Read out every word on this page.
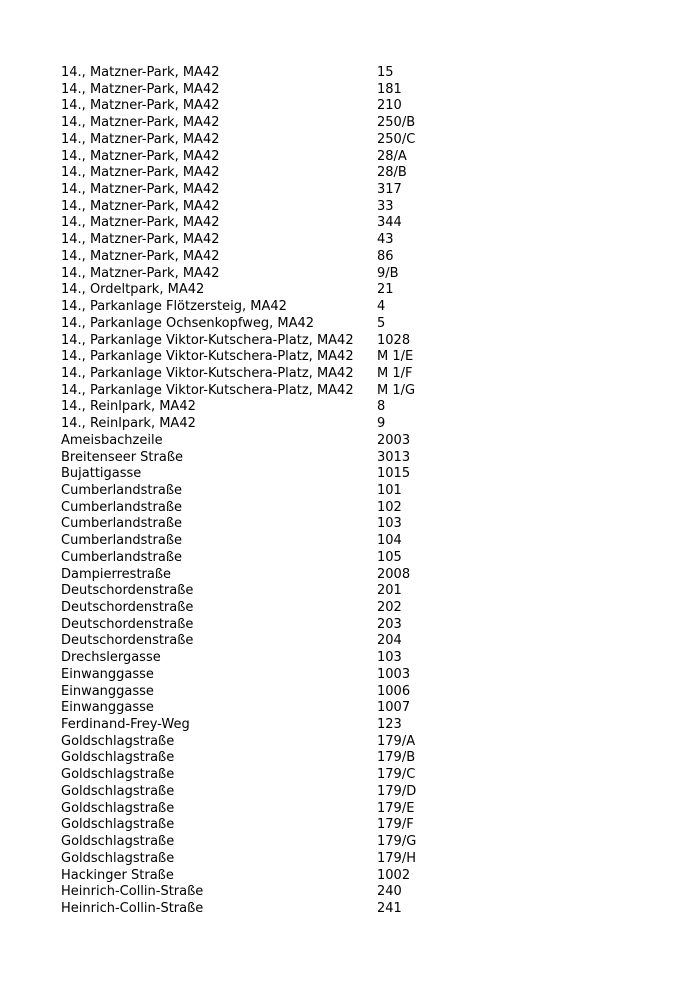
14., Matzner-Park, MA42	15
14., Matzner-Park, MA42	181
14., Matzner-Park, MA42	210
14., Matzner-Park, MA42	250/B
14., Matzner-Park, MA42	250/C
14., Matzner-Park, MA42	28/A
14., Matzner-Park, MA42	28/B
14., Matzner-Park, MA42	317
14., Matzner-Park, MA42	33
14., Matzner-Park, MA42	344
14., Matzner-Park, MA42	43
14., Matzner-Park, MA42	86
14., Matzner-Park, MA42	9/B
14., Ordeltpark, MA42	21
14., Parkanlage Flötzersteig, MA42	4
14., Parkanlage Ochsenkopfweg, MA42	5
14., Parkanlage Viktor-Kutschera-Platz, MA42	1028
14., Parkanlage Viktor-Kutschera-Platz, MA42	M 1/E
14., Parkanlage Viktor-Kutschera-Platz, MA42	M 1/F
14., Parkanlage Viktor-Kutschera-Platz, MA42	M 1/G
14., Reinlpark, MA42	8
14., Reinlpark, MA42	9
Ameisbachzeile	2003
Breitenseer Straße	3013
Bujattigasse	1015
Cumberlandstraße	101
Cumberlandstraße	102
Cumberlandstraße	103
Cumberlandstraße	104
Cumberlandstraße	105
Dampierrestraße	2008
Deutschordenstraße	201
Deutschordenstraße	202
Deutschordenstraße	203
Deutschordenstraße	204
Drechslergasse	103
Einwanggasse	1003
Einwanggasse	1006
Einwanggasse	1007
Ferdinand-Frey-Weg	123
Goldschlagstraße	179/A
Goldschlagstraße	179/B
Goldschlagstraße	179/C
Goldschlagstraße	179/D
Goldschlagstraße	179/E
Goldschlagstraße	179/F
Goldschlagstraße	179/G
Goldschlagstraße	179/H
Hackinger Straße	1002
Heinrich-Collin-Straße	240
Heinrich-Collin-Straße	241
